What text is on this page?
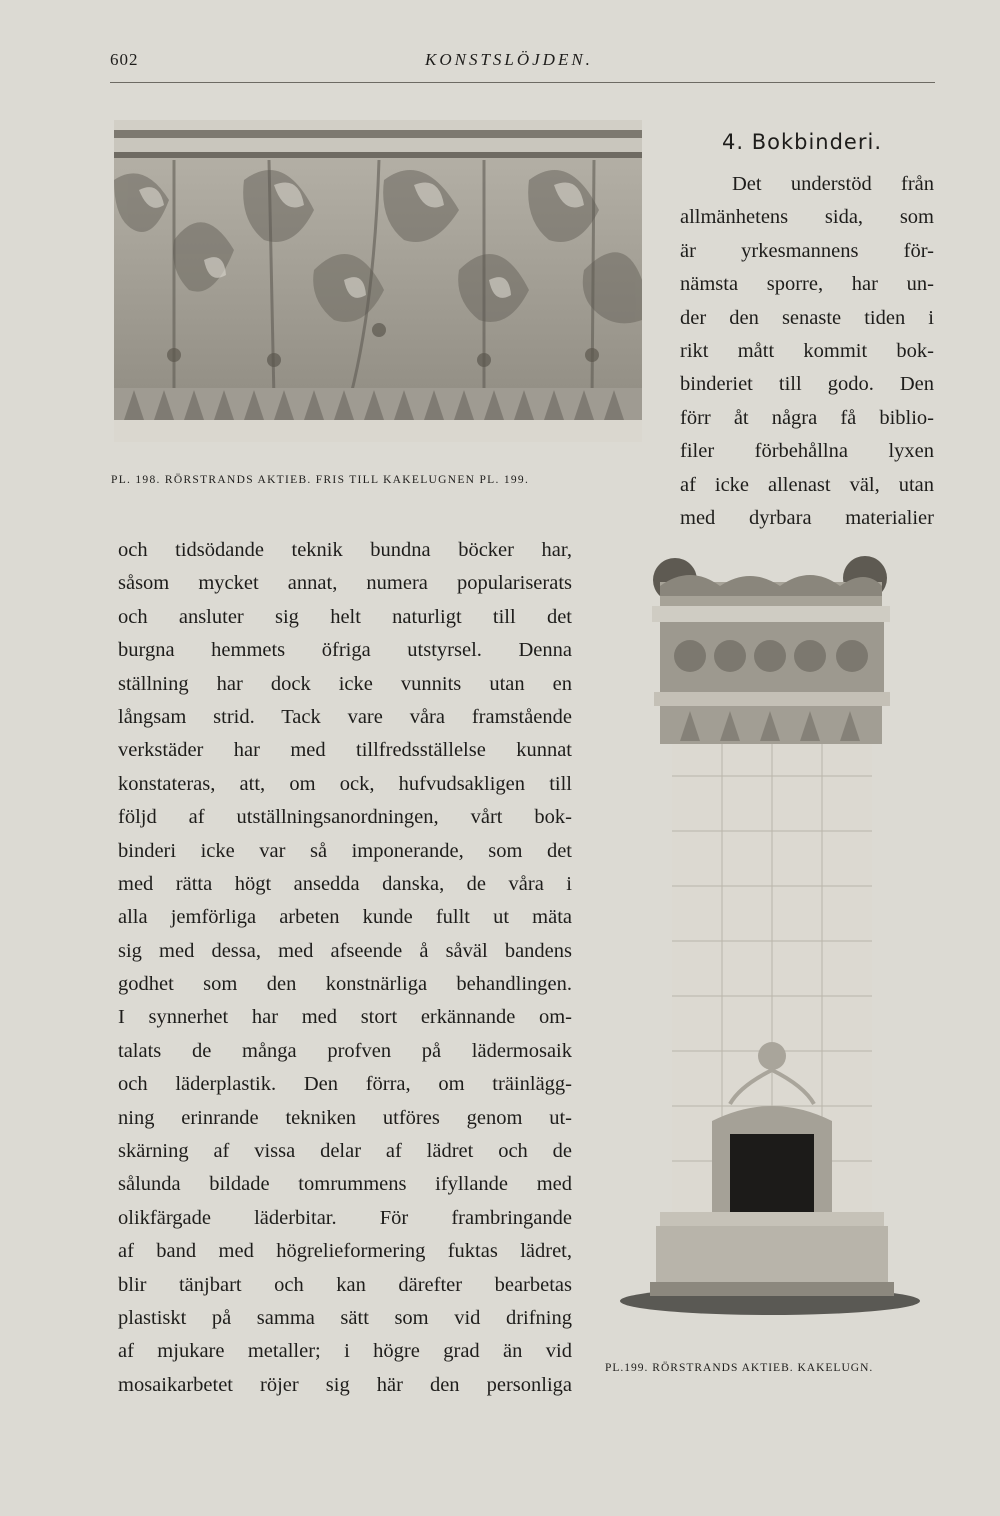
602	KONSTSLÖJDEN.
PL. 198. RÖRSTRANDS AKTIEB. FRIS TILL KAKELUGNEN PL. 199.
4. Bokbinderi.
Det understöd från
allmänhetens sida, som
är yrkesmannens för-
nämsta sporre, har un-
der den senaste tiden i
rikt mått kommit bok-
binderiet till godo. Den
förr åt några få biblio-
filer förbehållna lyxen
af icke allenast väl, utan
med dyrbara materialier
och tidsödande teknik bundna böcker har,
såsom mycket annat, numera populariserats
och ansluter sig helt naturligt till det
burgna hemmets öfriga utstyrsel. Denna
ställning har dock icke vunnits utan en
långsam strid. Tack vare våra framstående
verkstäder har med tillfredsställelse kunnat
konstateras, att, om ock, hufvudsakligen till
följd af utställningsanordningen, vårt bok-
binderi icke var så imponerande, som det
med rätta högt ansedda danska, de våra i
alla jemförliga arbeten kunde fullt ut mäta
sig med dessa, med afseende å såväl bandens
godhet som den konstnärliga behandlingen.
I synnerhet har med stort erkännande om-
talats de många profven på lädermosaik
och läderplastik. Den förra, om träinlägg-
ning erinrande tekniken utföres genom ut-
skärning af vissa delar af lädret och de
sålunda bildade tomrummens ifyllande med
olikfärgade läderbitar. För frambringande
af band med högrelieformering fuktas lädret,
blir tänjbart och kan därefter bearbetas
plastiskt på samma sätt som vid drifning
af mjukare metaller; i högre grad än vid
mosaikarbetet röjer sig här den personliga
PL.199. RÖRSTRANDS AKTIEB. KAKELUGN.
